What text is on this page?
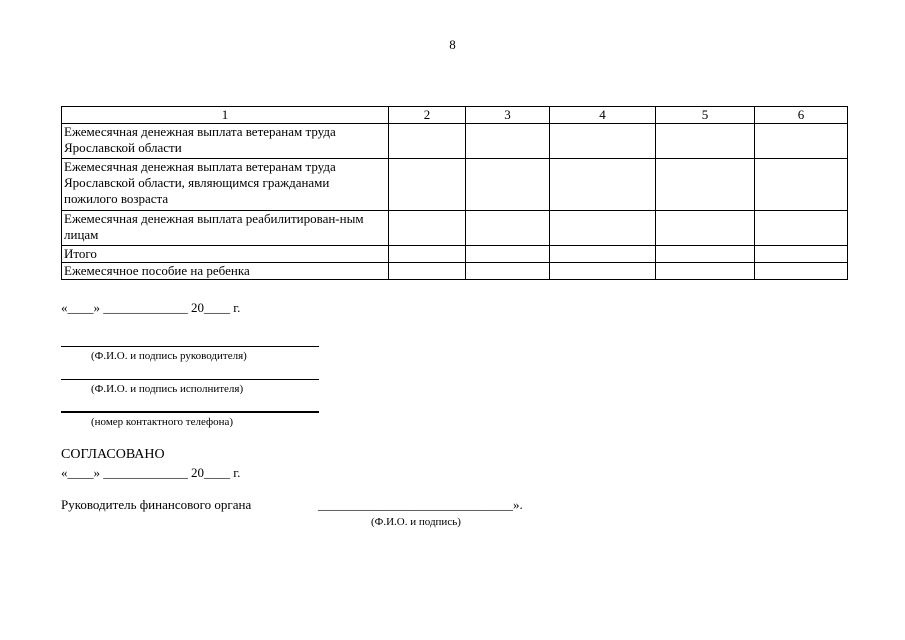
8
1	2	3	4	5	6
Ежемесячная денежная выплата ветеранам труда Ярославской области					
Ежемесячная денежная выплата ветеранам труда Ярославской области, являющимся гражданами пожилого возраста					
Ежемесячная денежная выплата реабилитирован-ным лицам					
Итого					
Ежемесячное пособие на ребенка					
«____» _____________ 20____ г.
(Ф.И.О. и подпись руководителя)
(Ф.И.О. и подпись исполнителя)
(номер контактного телефона)
СОГЛАСОВАНО
«____» _____________ 20____ г.
Руководитель финансового органа	______________________________».
(Ф.И.О. и подпись)
